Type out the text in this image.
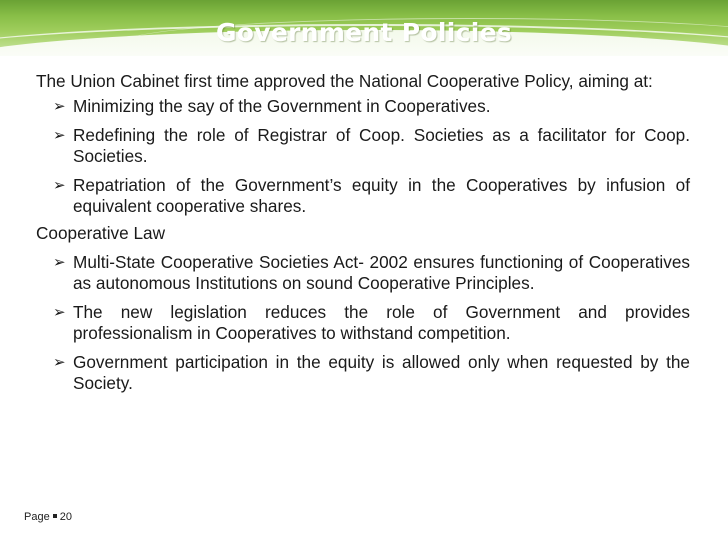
Government Policies

The Union Cabinet first time approved the National Cooperative Policy, aiming at:

➢ Minimizing the say of the Government in Cooperatives.

➢ Redefining the role of Registrar of Coop. Societies as a facilitator for Coop. Societies.

➢ Repatriation of the Government’s equity in the Cooperatives by infusion of equivalent cooperative shares.

Cooperative Law

➢ Multi-State Cooperative Societies Act- 2002 ensures functioning of Cooperatives as autonomous Institutions on sound Cooperative Principles.

➢ The new legislation reduces the role of Government and provides professionalism in Cooperatives to withstand competition.

➢ Government participation in the equity is allowed only when requested by the Society.

Page 20
